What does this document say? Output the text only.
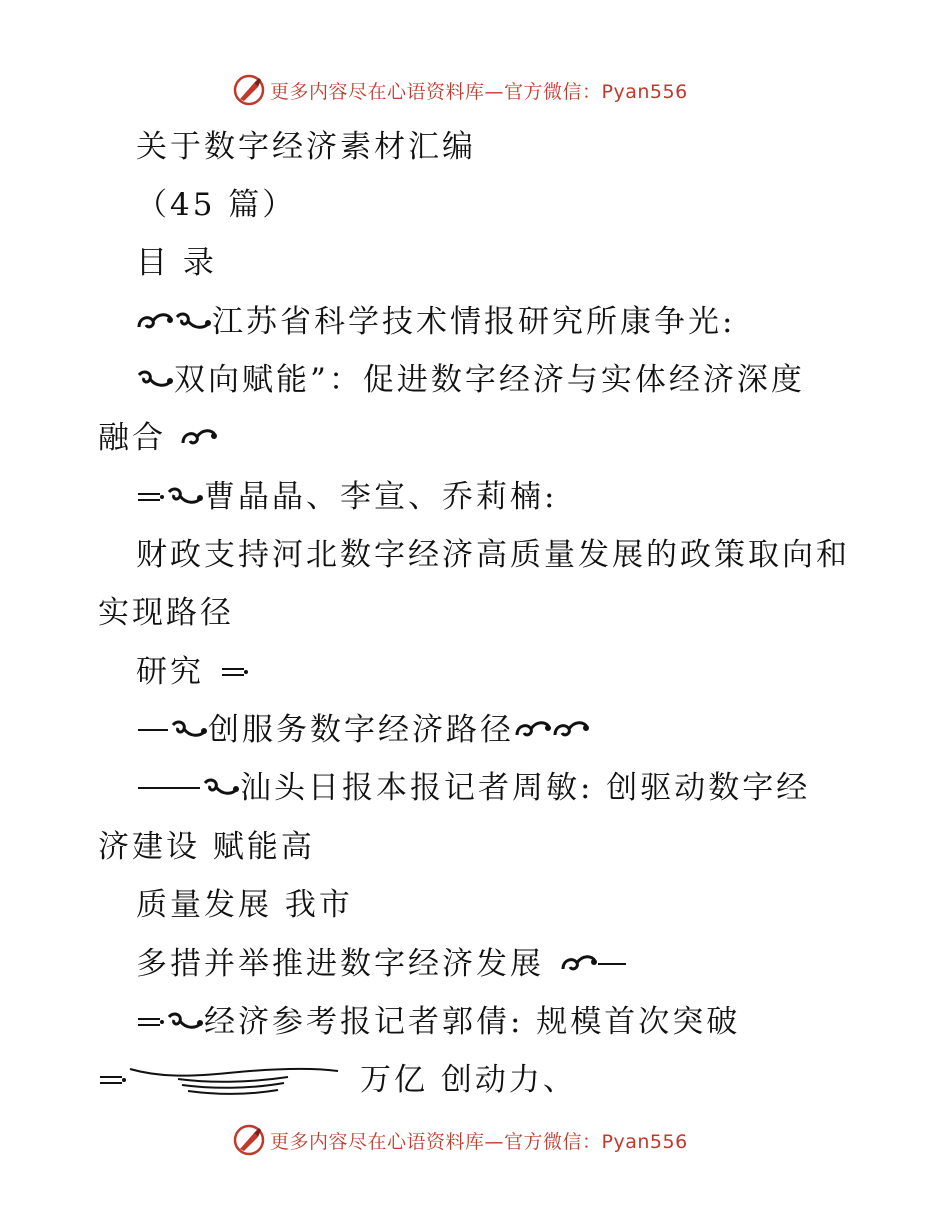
更多内容尽在心语资料库—官方微信：Pyan556
关于数字经济素材汇编
（45 篇）
目 录
江苏省科学技术情报研究所康争光:
双向赋能”：促进数字经济与实体经济深度
融合
曹晶晶、李宣、乔莉楠:
财政支持河北数字经济高质量发展的政策取向和
实现路径
研究
创服务数字经济路径
汕头日报本报记者周敏: 创驱动数字经
济建设 赋能高
质量发展 我市
多措并举推进数字经济发展
经济参考报记者郭倩: 规模首次突破
万亿 创动力、
更多内容尽在心语资料库—官方微信：Pyan556
